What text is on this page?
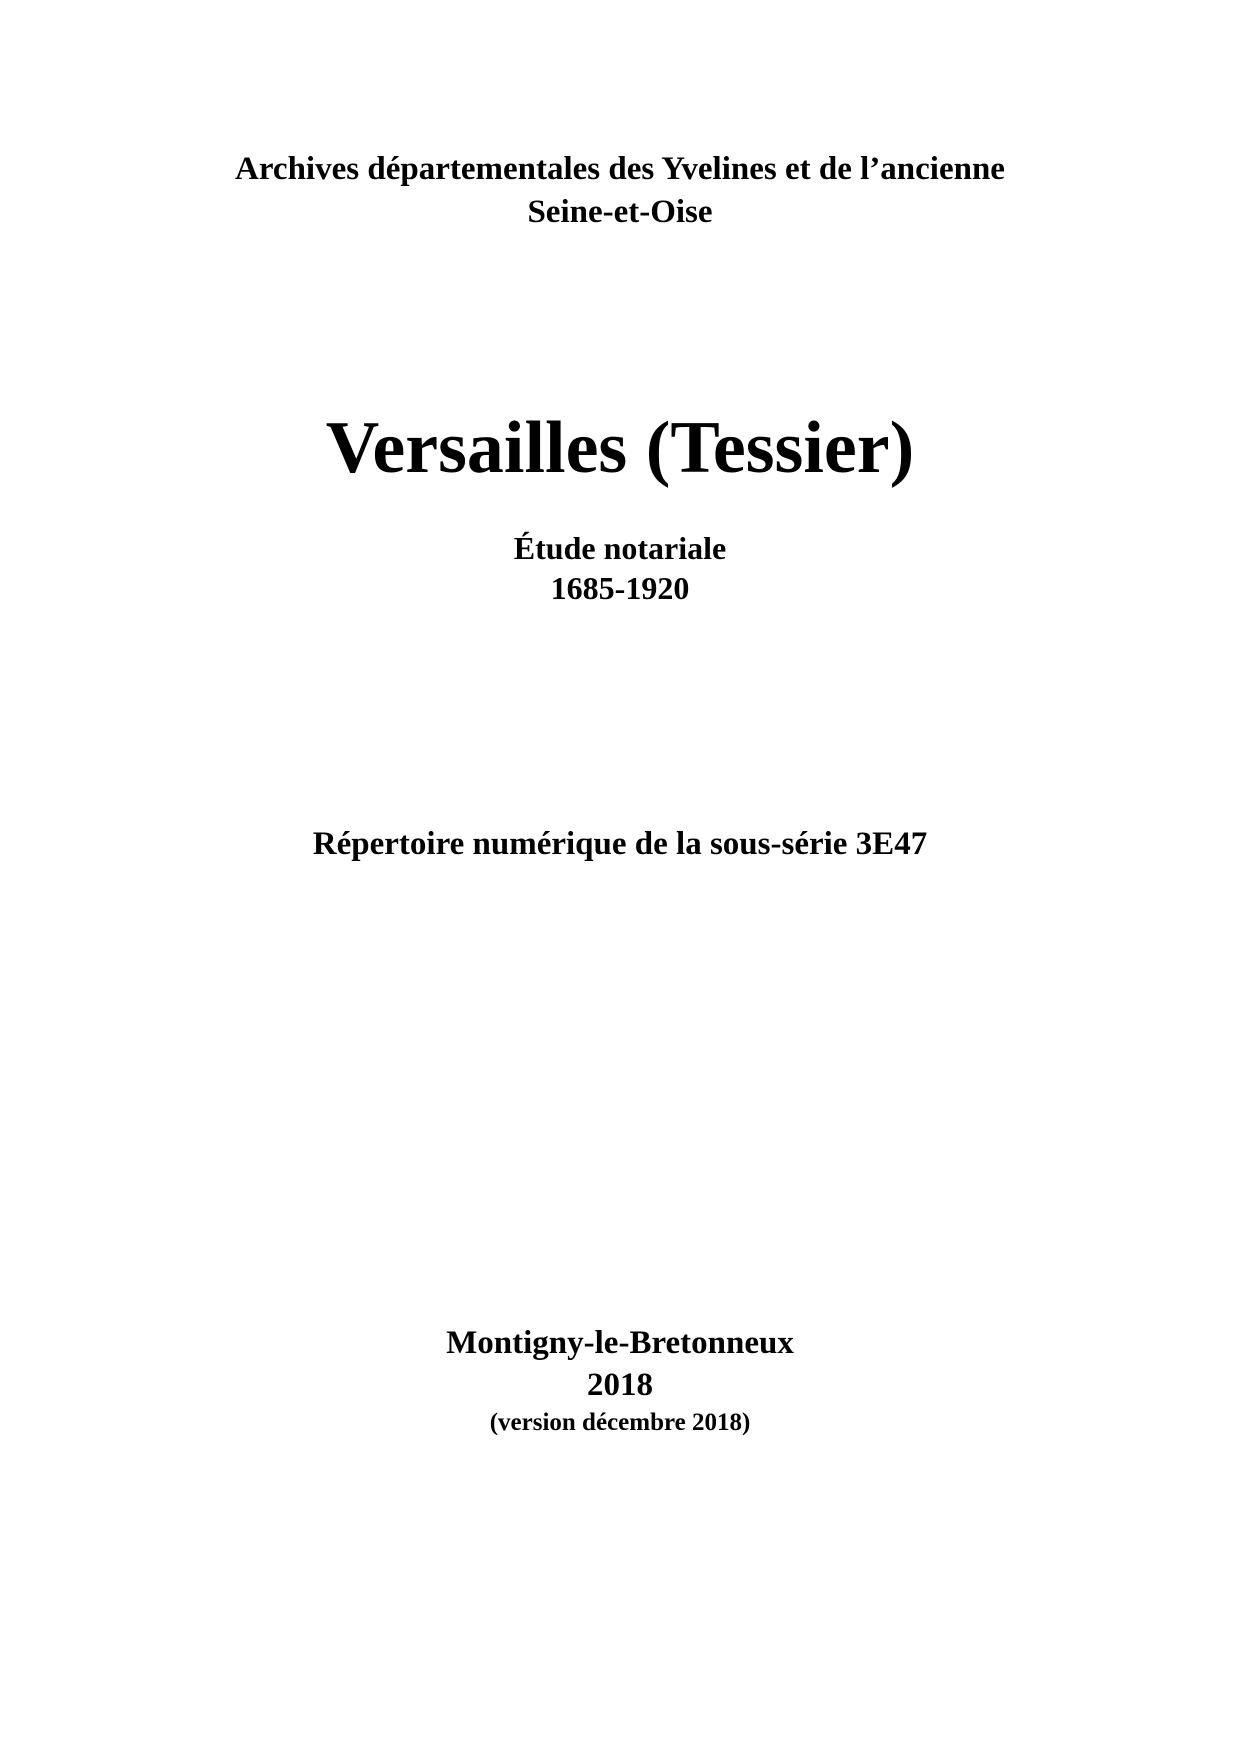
Archives départementales des Yvelines et de l’ancienne
Seine-et-Oise
Versailles (Tessier)
Étude notariale
1685-1920
Répertoire numérique de la sous-série 3E47
Montigny-le-Bretonneux
2018
(version décembre 2018)
